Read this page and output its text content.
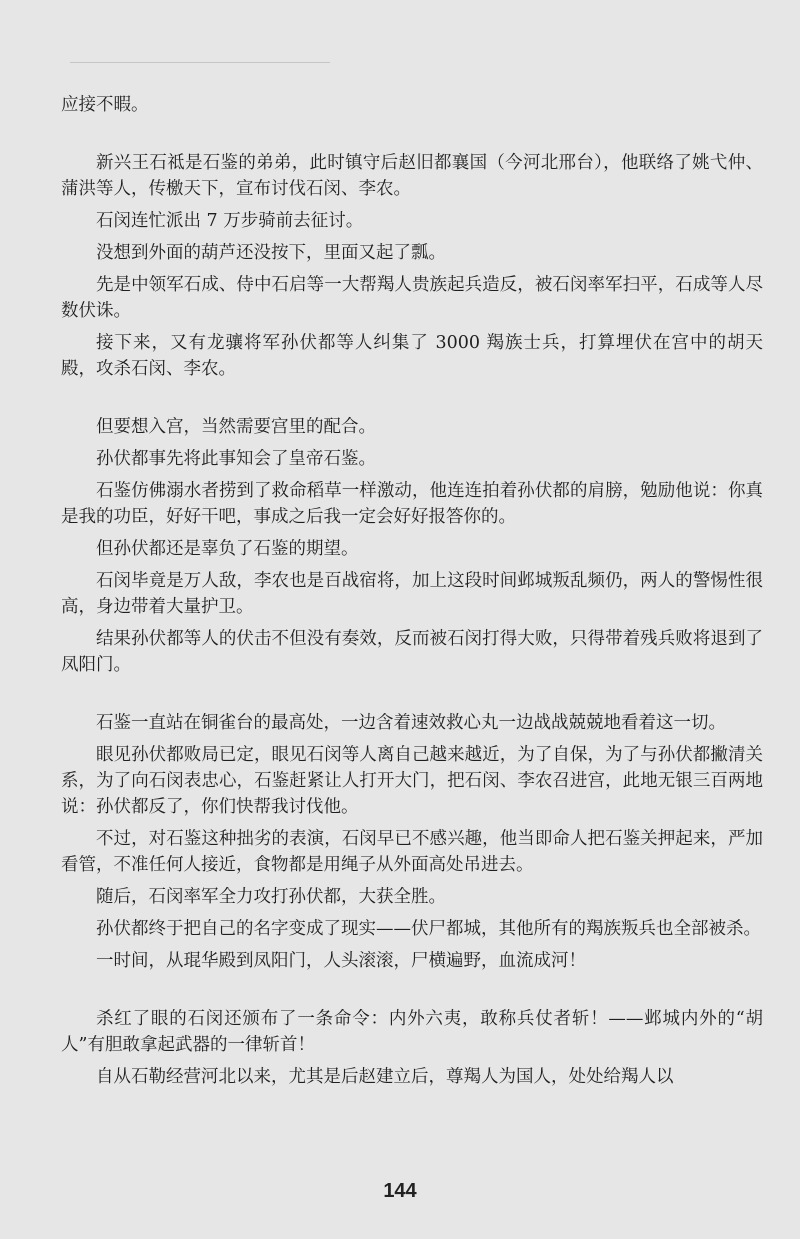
应接不暇。

新兴王石祗是石鉴的弟弟，此时镇守后赵旧都襄国（今河北邢台），他联络了姚弋仲、蒲洪等人，传檄天下，宣布讨伐石闵、李农。

石闵连忙派出 7 万步骑前去征讨。

没想到外面的葫芦还没按下，里面又起了瓢。

先是中领军石成、侍中石启等一大帮羯人贵族起兵造反，被石闵率军扫平，石成等人尽数伏诛。

接下来，又有龙骧将军孙伏都等人纠集了 3000 羯族士兵，打算埋伏在宫中的胡天殿，攻杀石闵、李农。

但要想入宫，当然需要宫里的配合。

孙伏都事先将此事知会了皇帝石鉴。

石鉴仿佛溺水者捞到了救命稻草一样激动，他连连拍着孙伏都的肩膀，勉励他说：你真是我的功臣，好好干吧，事成之后我一定会好好报答你的。

但孙伏都还是辜负了石鉴的期望。

石闵毕竟是万人敌，李农也是百战宿将，加上这段时间邺城叛乱频仍，两人的警惕性很高，身边带着大量护卫。

结果孙伏都等人的伏击不但没有奏效，反而被石闵打得大败，只得带着残兵败将退到了凤阳门。

石鉴一直站在铜雀台的最高处，一边含着速效救心丸一边战战兢兢地看着这一切。

眼见孙伏都败局已定，眼见石闵等人离自己越来越近，为了自保，为了与孙伏都撇清关系，为了向石闵表忠心，石鉴赶紧让人打开大门，把石闵、李农召进宫，此地无银三百两地说：孙伏都反了，你们快帮我讨伐他。

不过，对石鉴这种拙劣的表演，石闵早已不感兴趣，他当即命人把石鉴关押起来，严加看管，不准任何人接近，食物都是用绳子从外面高处吊进去。

随后，石闵率军全力攻打孙伏都，大获全胜。

孙伏都终于把自己的名字变成了现实——伏尸都城，其他所有的羯族叛兵也全部被杀。

一时间，从琨华殿到凤阳门，人头滚滚，尸横遍野，血流成河！

杀红了眼的石闵还颁布了一条命令：内外六夷，敢称兵仗者斩！——邺城内外的“胡人”有胆敢拿起武器的一律斩首！

自从石勒经营河北以来，尤其是后赵建立后，尊羯人为国人，处处给羯人以

144
